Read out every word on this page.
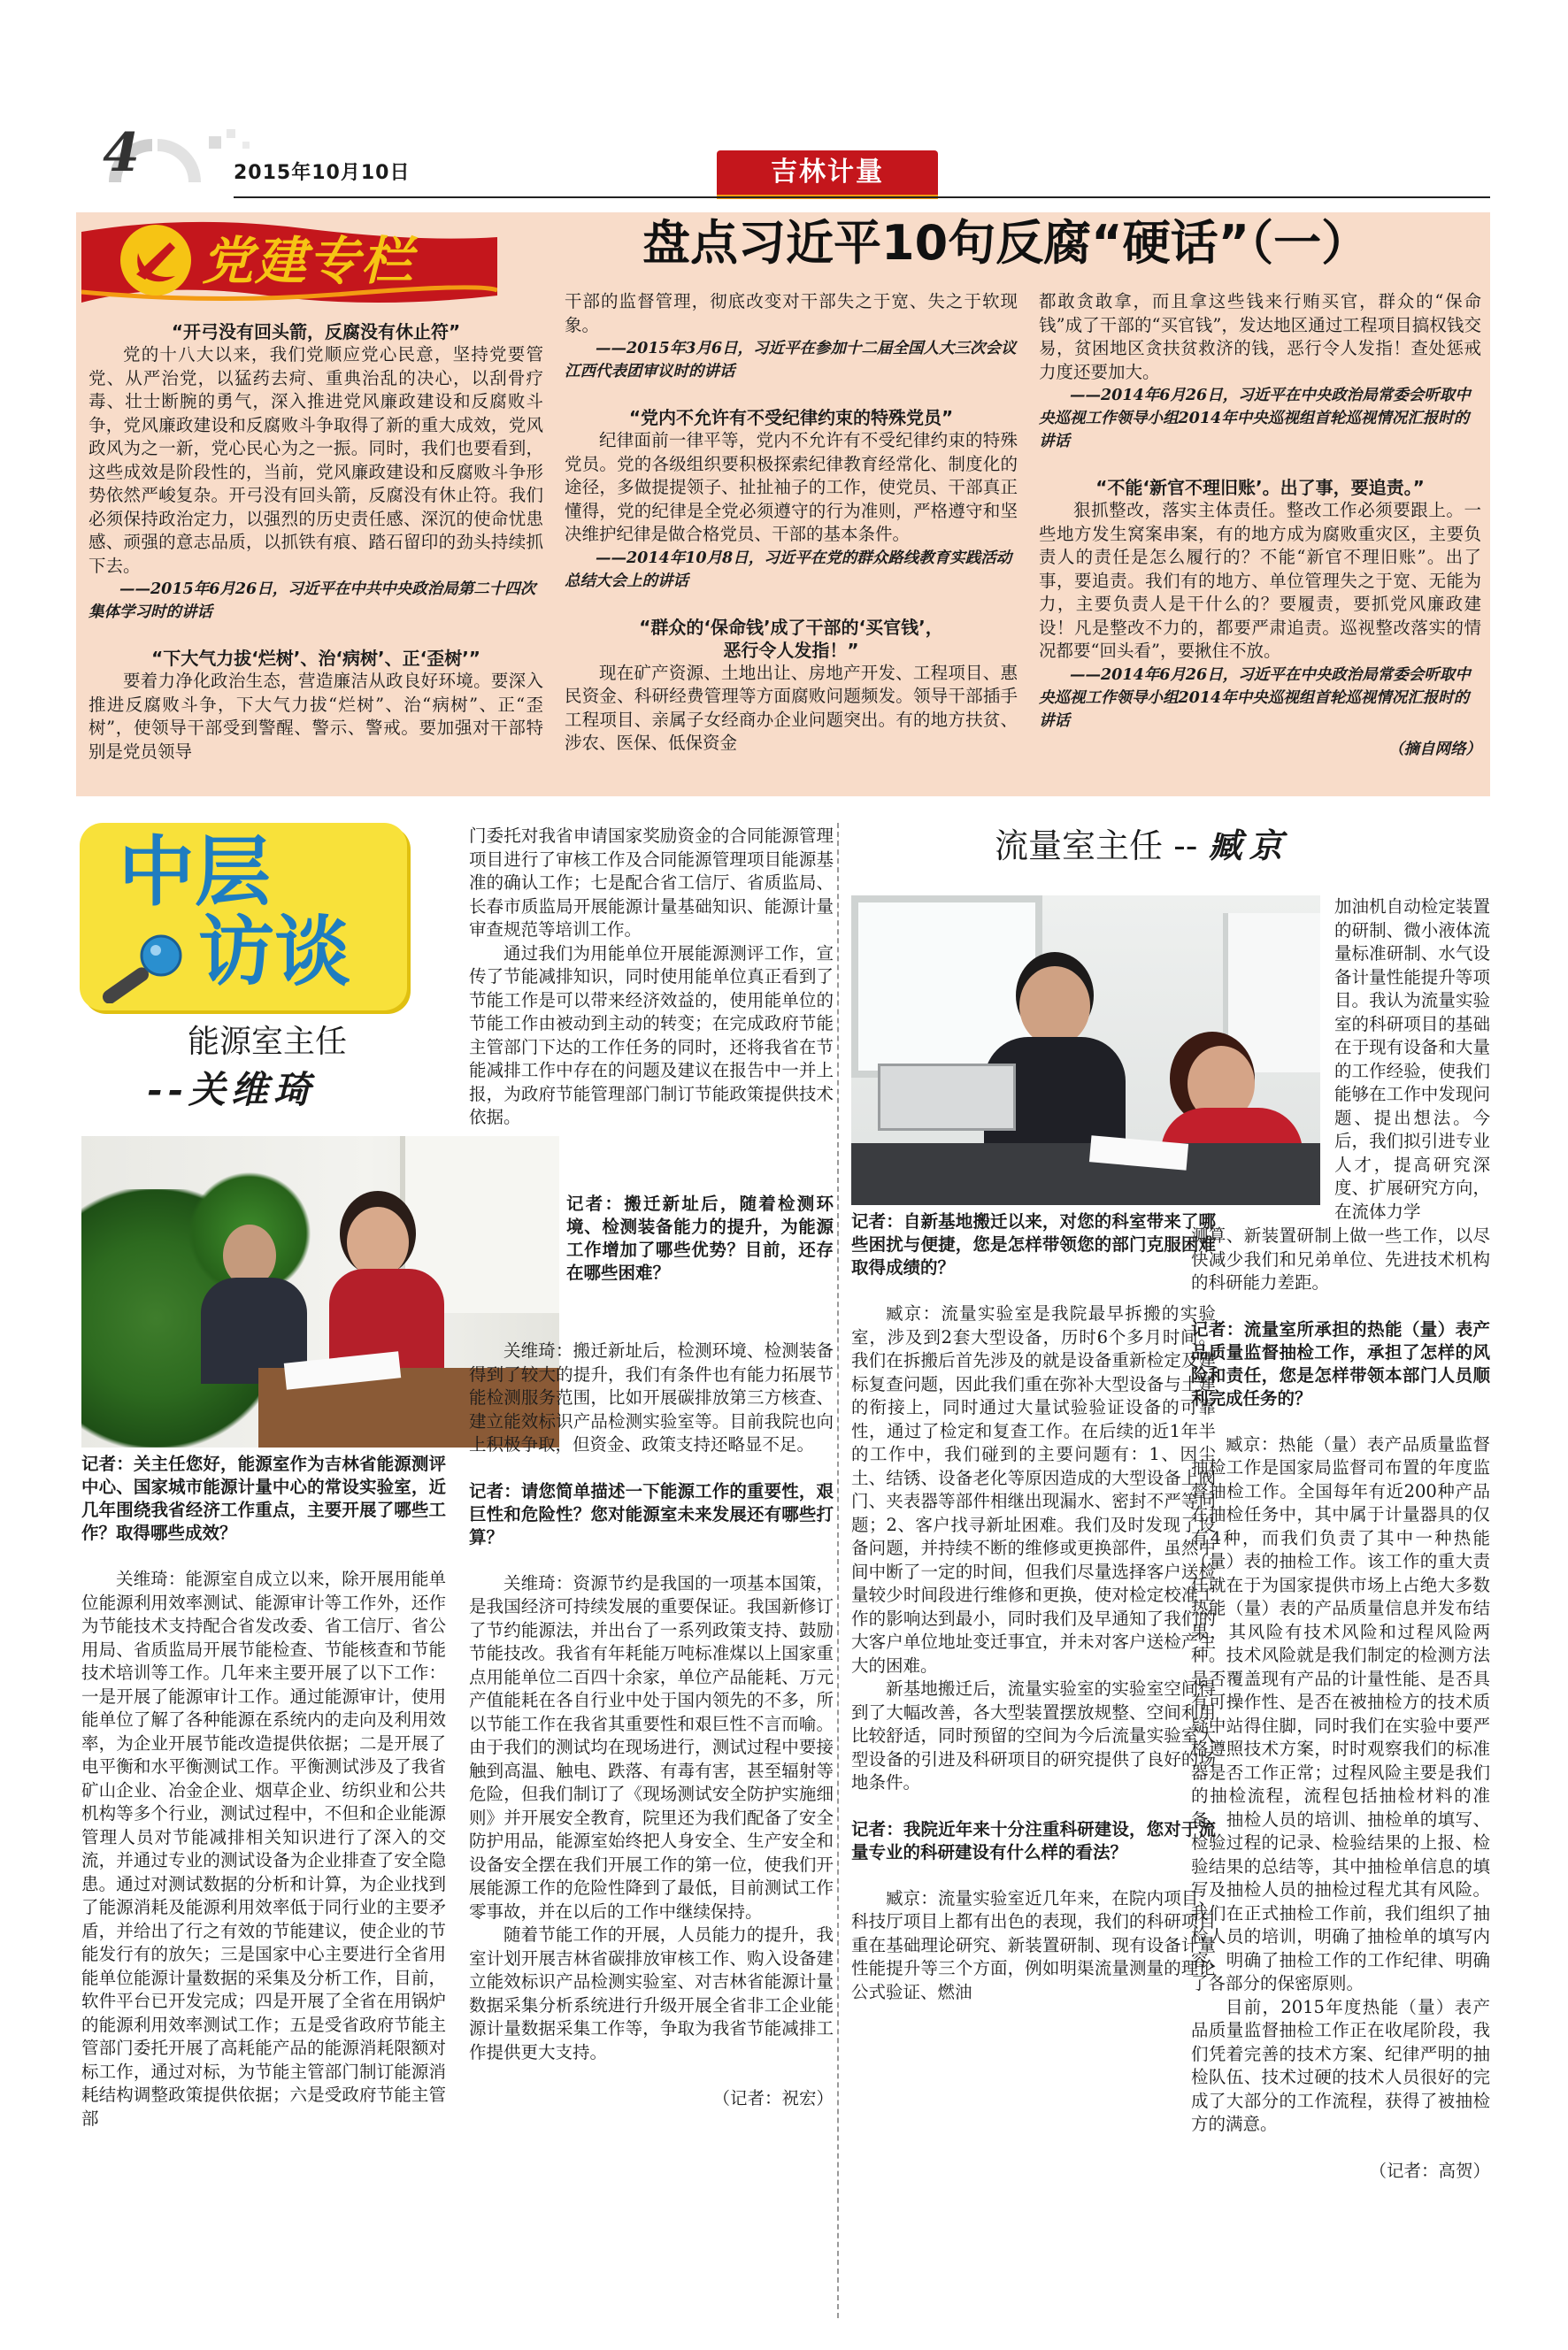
4	2015年10月10日	吉林计量
党建专栏	盘点习近平10句反腐“硬话”（一）

“开弓没有回头箭，反腐没有休止符”

党的十八大以来，我们党顺应党心民意，坚持党要管党、从严治党，以猛药去疴、重典治乱的决心，以刮骨疗毒、壮士断腕的勇气，深入推进党风廉政建设和反腐败斗争，党风廉政建设和反腐败斗争取得了新的重大成效，党风政风为之一新，党心民心为之一振。同时，我们也要看到，这些成效是阶段性的，当前，党风廉政建设和反腐败斗争形势依然严峻复杂。开弓没有回头箭，反腐没有休止符。我们必须保持政治定力，以强烈的历史责任感、深沉的使命忧患感、顽强的意志品质，以抓铁有痕、踏石留印的劲头持续抓下去。

——2015年6月26日，习近平在中共中央政治局第二十四次集体学习时的讲话

“下大气力拔‘烂树’、治‘病树’、正‘歪树’”

要着力净化政治生态，营造廉洁从政良好环境。要深入推进反腐败斗争，下大气力拔“烂树”、治“病树”、正“歪树”，使领导干部受到警醒、警示、警戒。要加强对干部特别是党员领导

干部的监督管理，彻底改变对干部失之于宽、失之于软现象。

——2015年3月6日，习近平在参加十二届全国人大三次会议江西代表团审议时的讲话

“党内不允许有不受纪律约束的特殊党员”

纪律面前一律平等，党内不允许有不受纪律约束的特殊党员。党的各级组织要积极探索纪律教育经常化、制度化的途径，多做提提领子、扯扯袖子的工作，使党员、干部真正懂得，党的纪律是全党必须遵守的行为准则，严格遵守和坚决维护纪律是做合格党员、干部的基本条件。

——2014年10月8日，习近平在党的群众路线教育实践活动总结大会上的讲话

“群众的‘保命钱’成了干部的‘买官钱’，

恶行令人发指！”

现在矿产资源、土地出让、房地产开发、工程项目、惠民资金、科研经费管理等方面腐败问题频发。领导干部插手工程项目、亲属子女经商办企业问题突出。有的地方扶贫、涉农、医保、低保资金

都敢贪敢拿，而且拿这些钱来行贿买官，群众的“保命钱”成了干部的“买官钱”，发达地区通过工程项目搞权钱交易，贫困地区贪扶贫救济的钱，恶行令人发指！查处惩戒力度还要加大。

——2014年6月26日，习近平在中央政治局常委会听取中央巡视工作领导小组2014年中央巡视组首轮巡视情况汇报时的讲话

“不能‘新官不理旧账’。出了事，要追责。”

狠抓整改，落实主体责任。整改工作必须要跟上。一些地方发生窝案串案，有的地方成为腐败重灾区，主要负责人的责任是怎么履行的？不能“新官不理旧账”。出了事，要追责。我们有的地方、单位管理失之于宽、无能为力，主要负责人是干什么的？要履责，要抓党风廉政建设！凡是整改不力的，都要严肃追责。巡视整改落实的情况都要“回头看”，要揪住不放。

——2014年6月26日，习近平在中央政治局常委会听取中央巡视工作领导小组2014年中央巡视组首轮巡视情况汇报时的讲话

（摘自网络）

中层
访谈
能源室主任
--关维琦

记者：关主任您好，能源室作为吉林省能源测评中心、国家城市能源计量中心的常设实验室，近几年围绕我省经济工作重点，主要开展了哪些工作？取得哪些成效？

关维琦：能源室自成立以来，除开展用能单位能源利用效率测试、能源审计等工作外，还作为节能技术支持配合省发改委、省工信厅、省公用局、省质监局开展节能检查、节能核查和节能技术培训等工作。几年来主要开展了以下工作：一是开展了能源审计工作。通过能源审计，使用能单位了解了各种能源在系统内的走向及利用效率，为企业开展节能改造提供依据；二是开展了电平衡和水平衡测试工作。平衡测试涉及了我省矿山企业、冶金企业、烟草企业、纺织业和公共机构等多个行业，测试过程中，不但和企业能源管理人员对节能减排相关知识进行了深入的交流，并通过专业的测试设备为企业排查了安全隐患。通过对测试数据的分析和计算，为企业找到了能源消耗及能源利用效率低于同行业的主要矛盾，并给出了行之有效的节能建议，使企业的节能发行有的放矢；三是国家中心主要进行全省用能单位能源计量数据的采集及分析工作，目前，软件平台已开发完成；四是开展了全省在用锅炉的能源利用效率测试工作；五是受省政府节能主管部门委托开展了高耗能产品的能源消耗限额对标工作，通过对标，为节能主管部门制订能源消耗结构调整政策提供依据；六是受政府节能主管部

门委托对我省申请国家奖励资金的合同能源管理项目进行了审核工作及合同能源管理项目能源基准的确认工作；七是配合省工信厅、省质监局、长春市质监局开展能源计量基础知识、能源计量审查规范等培训工作。

通过我们为用能单位开展能源测评工作，宣传了节能减排知识，同时使用能单位真正看到了节能工作是可以带来经济效益的，使用能单位的节能工作由被动到主动的转变；在完成政府节能主管部门下达的工作任务的同时，还将我省在节能减排工作中存在的问题及建议在报告中一并上报，为政府节能管理部门制订节能政策提供技术依据。

记者：搬迁新址后，随着检测环境、检测装备能力的提升，为能源工作增加了哪些优势？目前，还存在哪些困难？

关维琦：搬迁新址后，检测环境、检测装备得到了较大的提升，我们有条件也有能力拓展节能检测服务范围，比如开展碳排放第三方核查、建立能效标识产品检测实验室等。目前我院也向上积极争取，但资金、政策支持还略显不足。

记者：请您简单描述一下能源工作的重要性，艰巨性和危险性？您对能源室未来发展还有哪些打算？

关维琦：资源节约是我国的一项基本国策，是我国经济可持续发展的重要保证。我国新修订了节约能源法，并出台了一系列政策支持、鼓励节能技改。我省有年耗能万吨标准煤以上国家重点用能单位二百四十余家，单位产品能耗、万元产值能耗在各自行业中处于国内领先的不多，所以节能工作在我省其重要性和艰巨性不言而喻。由于我们的测试均在现场进行，测试过程中要接触到高温、触电、跌落、有毒有害，甚至辐射等危险，但我们制订了《现场测试安全防护实施细则》并开展安全教育，院里还为我们配备了安全防护用品，能源室始终把人身安全、生产安全和设备安全摆在我们开展工作的第一位，使我们开展能源工作的危险性降到了最低，目前测试工作零事故，并在以后的工作中继续保持。

随着节能工作的开展，人员能力的提升，我室计划开展吉林省碳排放审核工作、购入设备建立能效标识产品检测实验室、对吉林省能源计量数据采集分析系统进行升级开展全省非工企业能源计量数据采集工作等，争取为我省节能减排工作提供更大支持。

（记者：祝宏）

流量室主任 -- 臧京

记者：自新基地搬迁以来，对您的科室带来了哪些困扰与便捷，您是怎样带领您的部门克服困难取得成绩的？

臧京：流量实验室是我院最早拆搬的实验室，涉及到2套大型设备，历时6个多月时间。我们在拆搬后首先涉及的就是设备重新检定及建标复查问题，因此我们重在弥补大型设备与土建的衔接上，同时通过大量试验验证设备的可靠性，通过了检定和复查工作。在后续的近1年半的工作中，我们碰到的主要问题有：1、因尘土、结锈、设备老化等原因造成的大型设备上阀门、夹表器等部件相继出现漏水、密封不严等问题；2、客户找寻新址困难。我们及时发现了设备问题，并持续不断的维修或更换部件，虽然中间中断了一定的时间，但我们尽量选择客户送检量较少时间段进行维修和更换，使对检定校准工作的影响达到最小，同时我们及早通知了我们的大客户单位地址变迁事宜，并未对客户送检产生大的困难。

新基地搬迁后，流量实验室的实验室空间得到了大幅改善，各大型装置摆放规整、空间利用比较舒适，同时预留的空间为今后流量实验室大型设备的引进及科研项目的研究提供了良好的场地条件。

记者：我院近年来十分注重科研建设，您对于流量专业的科研建设有什么样的看法？

臧京：流量实验室近几年来，在院内项目、科技厅项目上都有出色的表现，我们的科研项目重在基础理论研究、新装置研制、现有设备计量性能提升等三个方面，例如明渠流量测量的理论公式验证、燃油

加油机自动检定装置的研制、微小液体流量标准研制、水气设备计量性能提升等项目。我认为流量实验室的科研项目的基础在于现有设备和大量的工作经验，使我们能够在工作中发现问题、提出想法。今后，我们拟引进专业人才，提高研究深度、扩展研究方向，在流体力学

测算、新装置研制上做一些工作，以尽快减少我们和兄弟单位、先进技术机构的科研能力差距。

记者：流量室所承担的热能（量）表产品质量监督抽检工作，承担了怎样的风险和责任，您是怎样带领本部门人员顺利完成任务的？

臧京：热能（量）表产品质量监督抽检工作是国家局监督司布置的年度监督抽检工作。全国每年有近200种产品在抽检任务中，其中属于计量器具的仅有4种，而我们负责了其中一种热能（量）表的抽检工作。该工作的重大责任就在于为国家提供市场上占绝大多数热能（量）表的产品质量信息并发布结果，其风险有技术风险和过程风险两种。技术风险就是我们制定的检测方法是否覆盖现有产品的计量性能、是否具有可操作性、是否在被抽检方的技术质疑中站得住脚，同时我们在实验中要严格遵照技术方案，时时观察我们的标准器是否工作正常；过程风险主要是我们的抽检流程，流程包括抽检材料的准备、抽检人员的培训、抽检单的填写、检验过程的记录、检验结果的上报、检验结果的总结等，其中抽检单信息的填写及抽检人员的抽检过程尤其有风险。我们在正式抽检工作前，我们组织了抽检人员的培训，明确了抽检单的填写内容、明确了抽检工作的工作纪律、明确了各部分的保密原则。

目前，2015年度热能（量）表产品质量监督抽检工作正在收尾阶段，我们凭着完善的技术方案、纪律严明的抽检队伍、技术过硬的技术人员很好的完成了大部分的工作流程，获得了被抽检方的满意。

（记者：高贺）
